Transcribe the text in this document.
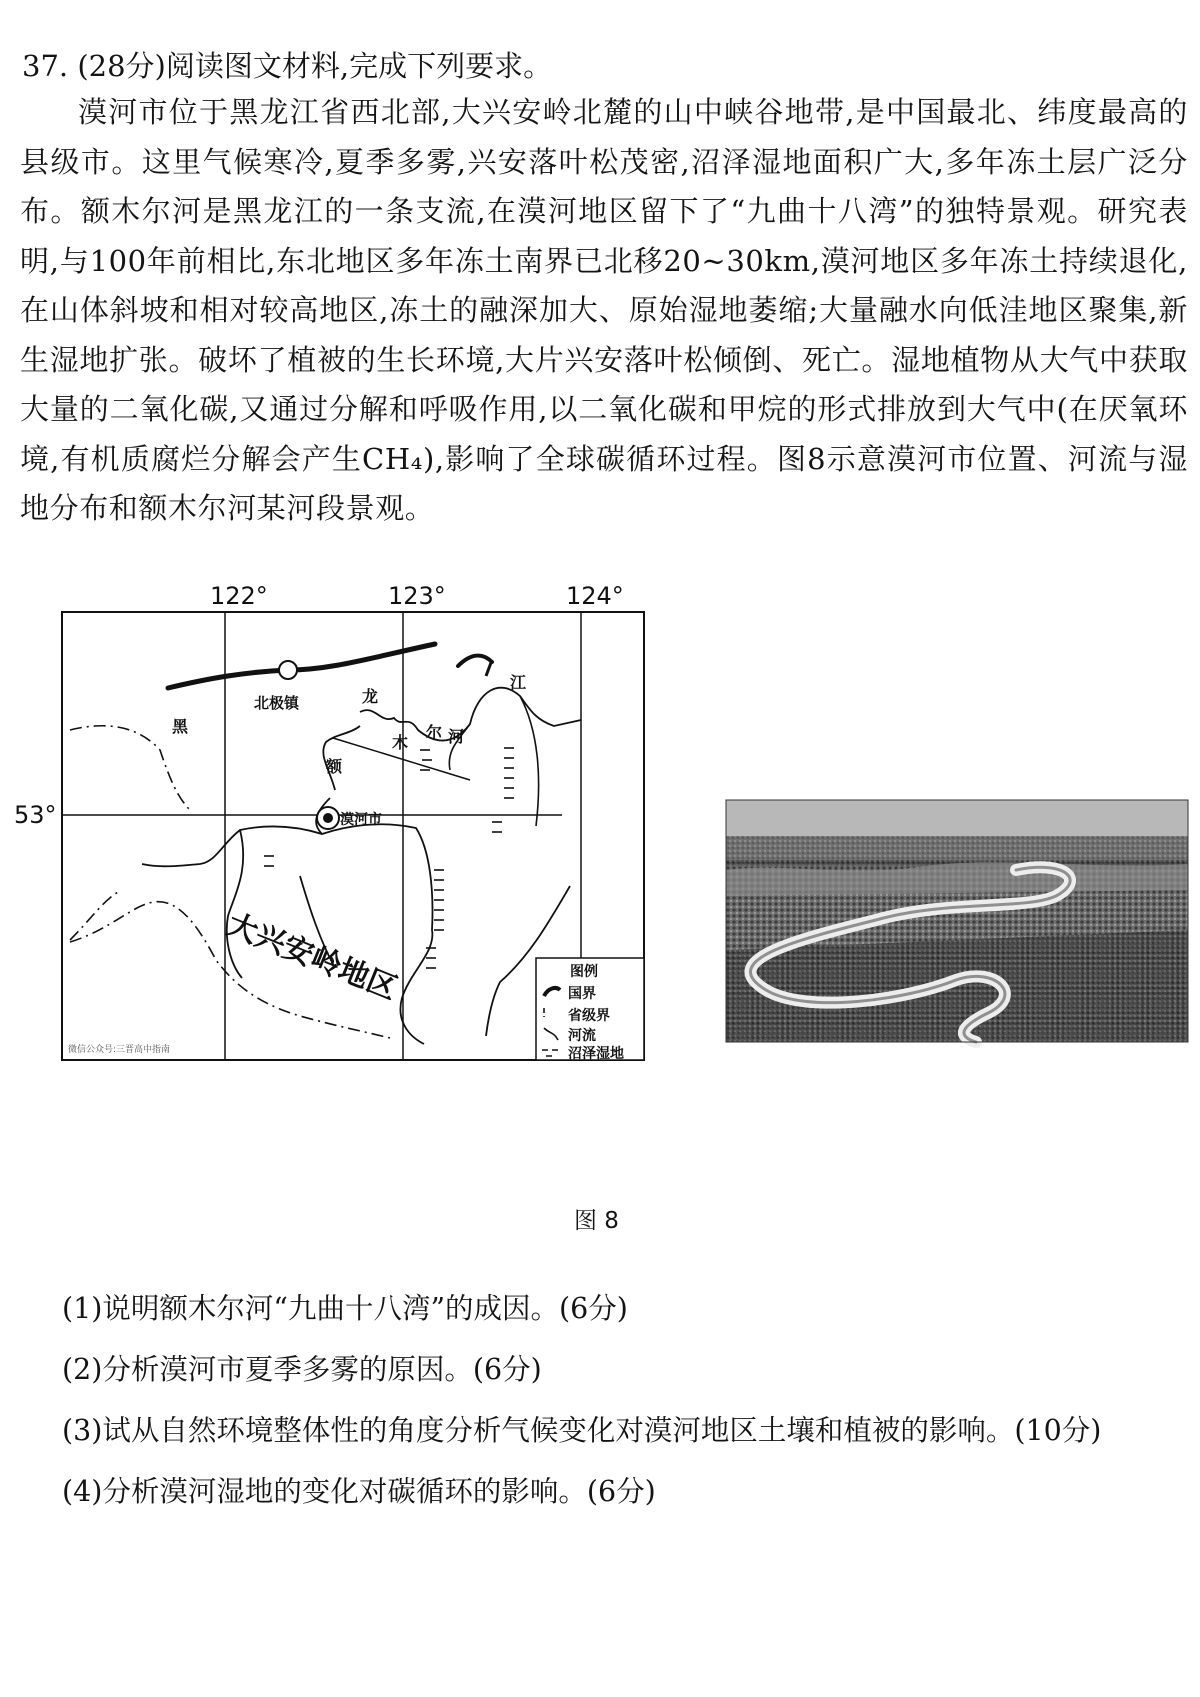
37. (28分)阅读图文材料,完成下列要求。
漠河市位于黑龙江省西北部,大兴安岭北麓的山中峡谷地带,是中国最北、纬度最高的县级市。这里气候寒冷,夏季多雾,兴安落叶松茂密,沼泽湿地面积广大,多年冻土层广泛分布。额木尔河是黑龙江的一条支流,在漠河地区留下了“九曲十八湾”的独特景观。研究表明,与100年前相比,东北地区多年冻土南界已北移20~30km,漠河地区多年冻土持续退化,在山体斜坡和相对较高地区,冻土的融深加大、原始湿地萎缩;大量融水向低洼地区聚集,新生湿地扩张。破坏了植被的生长环境,大片兴安落叶松倾倒、死亡。湿地植物从大气中获取大量的二氧化碳,又通过分解和呼吸作用,以二氧化碳和甲烷的形式排放到大气中(在厌氧环境,有机质腐烂分解会产生CH₄),影响了全球碳循环过程。图8示意漠河市位置、河流与湿地分布和额木尔河某河段景观。
122°	123°	124°
53°
北极镇
漠河市
大兴安岭地区
黑
龙
江
额
木
尔 河
微信公众号:三晋高中指南
图例
国界
省级界
河流
沼泽湿地
图 8
(1)说明额木尔河“九曲十八湾”的成因。(6分)
(2)分析漠河市夏季多雾的原因。(6分)
(3)试从自然环境整体性的角度分析气候变化对漠河地区土壤和植被的影响。(10分)
(4)分析漠河湿地的变化对碳循环的影响。(6分)
